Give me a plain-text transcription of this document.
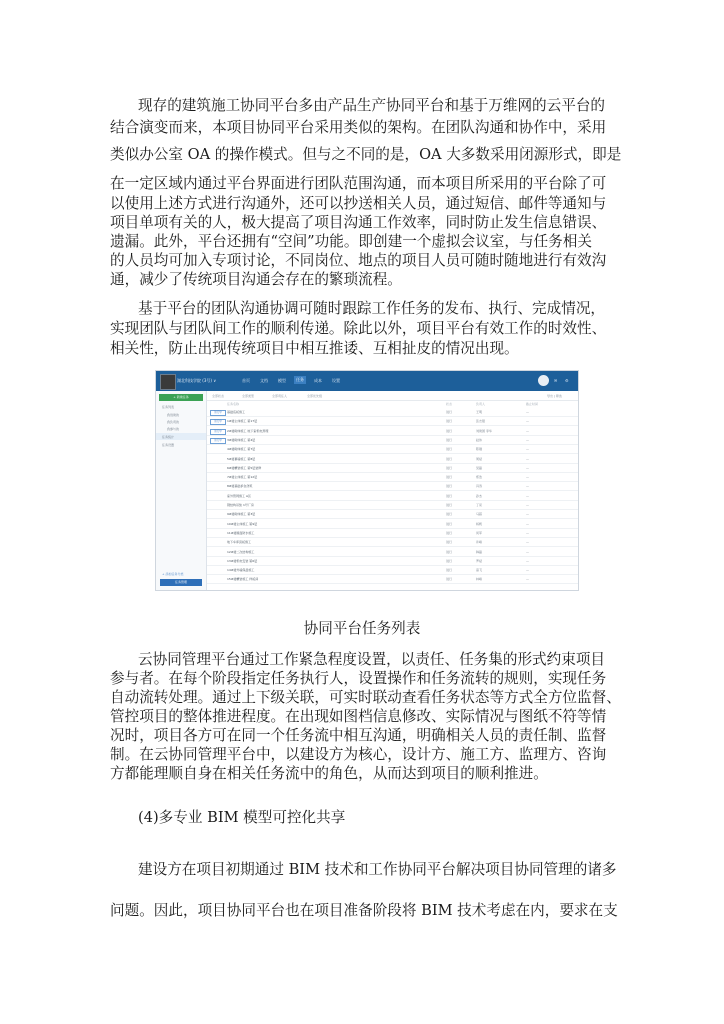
现存的建筑施工协同平台多由产品生产协同平台和基于万维网的云平台的
结合演变而来，本项目协同平台采用类似的架构。在团队沟通和协作中，采用
类似办公室 OA 的操作模式。但与之不同的是，OA 大多数采用闭源形式，即是
在一定区域内通过平台界面进行团队范围沟通，而本项目所采用的平台除了可
以使用上述方式进行沟通外，还可以抄送相关人员，通过短信、邮件等通知与
项目单项有关的人，极大提高了项目沟通工作效率，同时防止发生信息错误、
遗漏。此外，平台还拥有“空间”功能。即创建一个虚拟会议室，与任务相关
的人员均可加入专项讨论，不同岗位、地点的项目人员可随时随地进行有效沟
通，减少了传统项目沟通会存在的繁琐流程。
基于平台的团队沟通协调可随时跟踪工作任务的发布、执行、完成情况，
实现团队与团队间工作的顺利传递。除此以外，项目平台有效工作的时效性、
相关性，防止出现传统项目中相互推诿、互相扯皮的情况出现。
湖北科技学院 (3号) ∨	首页	文档	模型	任务	成本	设置	✉ ⚙
+ 新建任务
任务列表
我创建的
我负责的
我参与的
任务统计
任务设置
+ 添加任务分类
任务管理
全部状态	全部类型	全部责任人	全部优先级	导出 | 筛选
任务名称	状态	负责人	截止时间
进行中	基础底板施工	进行	王明	—
进行中	1#楼主体施工 第17层	进行	张志强	—
进行中	2#楼砌体施工 地下室机电预埋	进行	刘建国 李华	—
进行中	3#楼砌体施工 第4层	进行	赵伟	—
4#楼砌体施工 第7层	进行	陈刚	—
5#楼幕墙施工 第8层	进行	周斌	—
6#楼精装施工 第5层装修	进行	吴磊	—
7#楼主体施工 第12层	进行	郑浩	—
8#楼基础承台浇筑	进行	冯涛	—
室外管网施工 A区	进行	孙杰	—
钢结构吊装 1号厂房	进行	丁亮	—
9#楼砌体施工 第3层	进行	马超	—
10#楼主体施工 第9层	进行	杨帆	—
11#楼屋面防水施工	进行	何军	—
地下车库顶板施工	进行	许峰	—
12#楼二次结构施工	进行	韩磊	—
13#楼机电安装 第6层	进行	罗斌	—
14#楼外墙保温施工	进行	高飞	—
15#楼精装施工 样板间	进行	林峰	—
协同平台任务列表
云协同管理平台通过工作紧急程度设置，以责任、任务集的形式约束项目
参与者。在每个阶段指定任务执行人，设置操作和任务流转的规则，实现任务
自动流转处理。通过上下级关联，可实时联动查看任务状态等方式全方位监督、
管控项目的整体推进程度。在出现如图档信息修改、实际情况与图纸不符等情
况时，项目各方可在同一个任务流中相互沟通，明确相关人员的责任制、监督
制。在云协同管理平台中，以建设方为核心，设计方、施工方、监理方、咨询
方都能理顺自身在相关任务流中的角色，从而达到项目的顺利推进。
(4)多专业 BIM 模型可控化共享
建设方在项目初期通过 BIM 技术和工作协同平台解决项目协同管理的诸多
问题。因此，项目协同平台也在项目准备阶段将 BIM 技术考虑在内，要求在支
